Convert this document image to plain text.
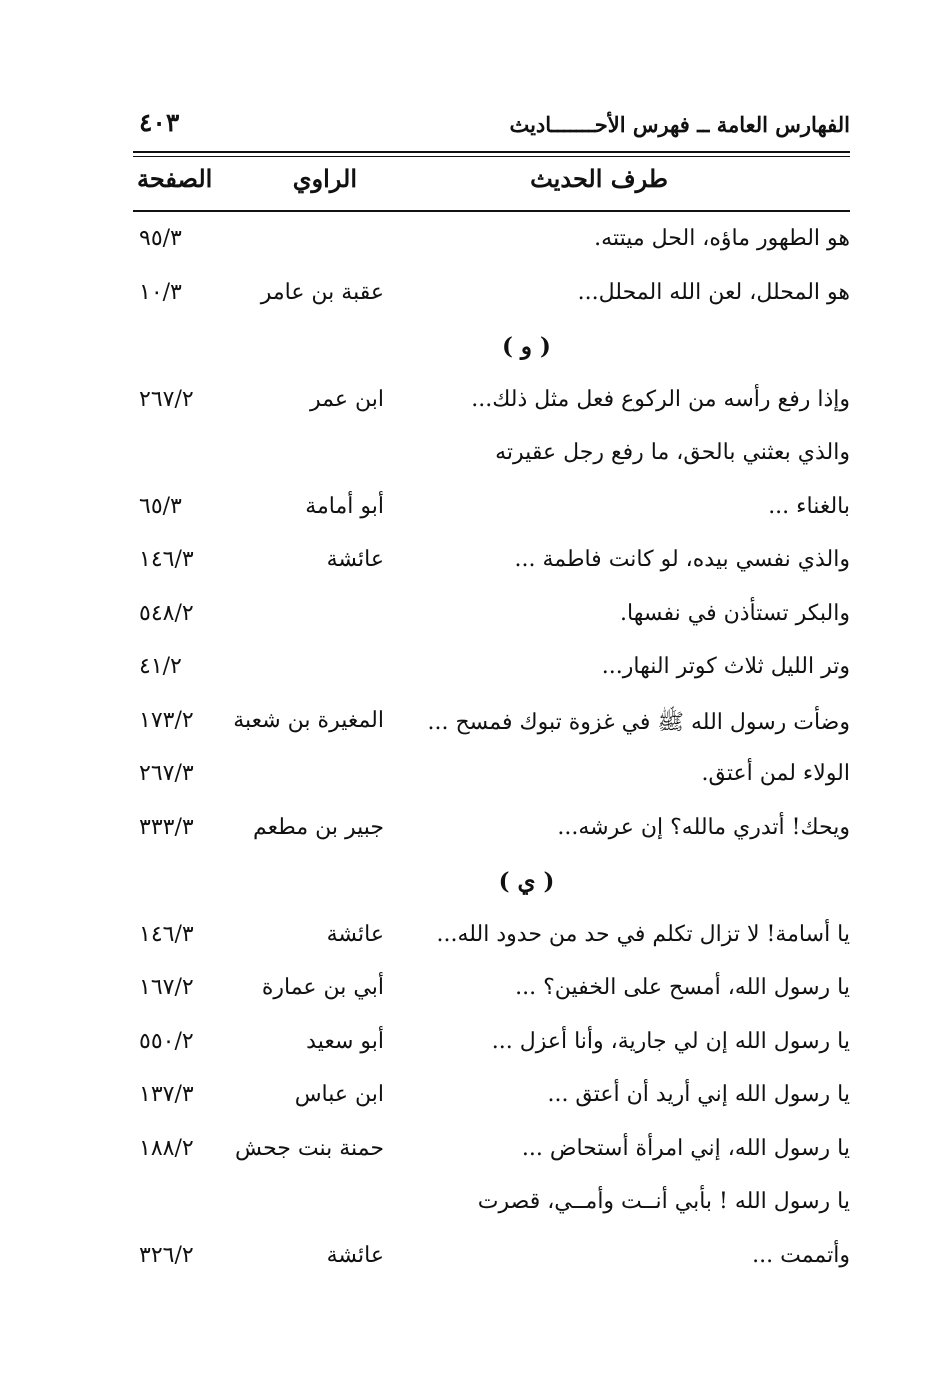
الفهارس العامة ــ فهرس الأحـــــــاديث
٤٠٣
طرف الحديث
الراوي
الصفحة
هو الطهور ماؤه، الحل ميتته.
٩٥/٣
هو المحلل، لعن الله المحلل...
عقبة بن عامر
١٠/٣
( و )
وإذا رفع رأسه من الركوع فعل مثل ذلك...
ابن عمر
٢٦٧/٢
والذي بعثني بالحق، ما رفع رجل عقيرته
بالغناء ...
أبو أمامة
٦٥/٣
والذي نفسي بيده، لو كانت فاطمة ...
عائشة
١٤٦/٣
والبكر تستأذن في نفسها.
٥٤٨/٢
وتر الليل ثلاث كوتر النهار...
٤١/٢
وضأت رسول الله ﷺ في غزوة تبوك فمسح ...
المغيرة بن شعبة
١٧٣/٢
الولاء لمن أعتق.
٢٦٧/٣
ويحك! أتدري مالله؟ إن عرشه...
جبير بن مطعم
٣٣٣/٣
( ي )
يا أسامة! لا تزال تكلم في حد من حدود الله...
عائشة
١٤٦/٣
يا رسول الله، أمسح على الخفين؟ ...
أبي بن عمارة
١٦٧/٢
يا رسول الله إن لي جارية، وأنا أعزل ...
أبو سعيد
٥٥٠/٢
يا رسول الله إني أريد أن أعتق ...
ابن عباس
١٣٧/٣
يا رسول الله، إني امرأة أستحاض ...
حمنة بنت جحش
١٨٨/٢
يا رسول الله ! بأبي أنــت وأمــي، قصرت
وأتممت ...
عائشة
٣٢٦/٢
